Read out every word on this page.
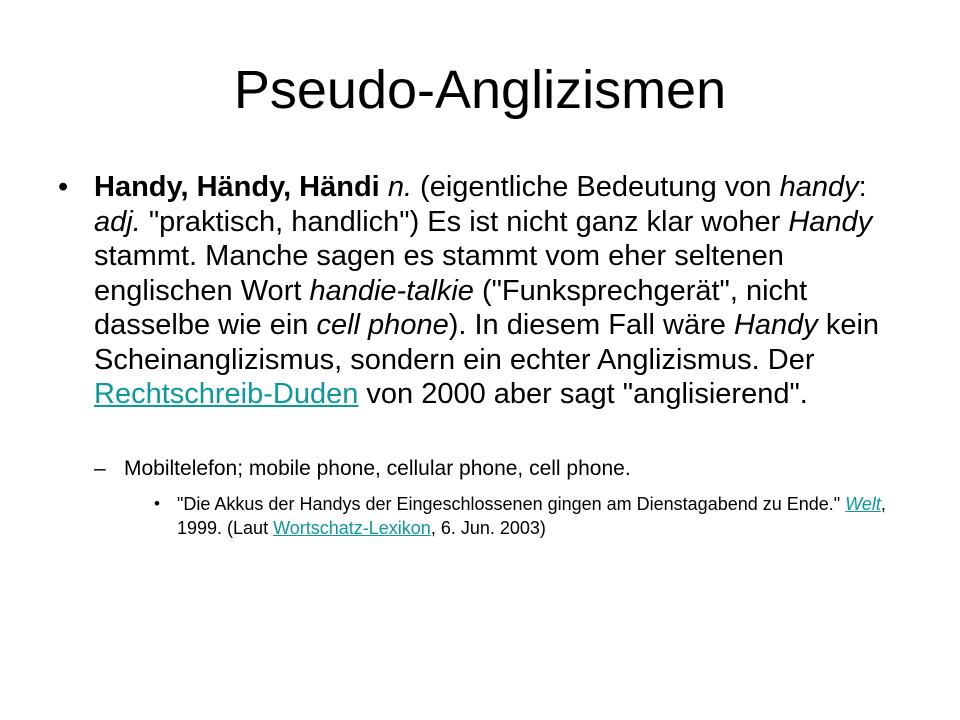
Pseudo-Anglizismen
• Handy, Händy, Händi n. (eigentliche Bedeutung von handy: adj. "praktisch, handlich") Es ist nicht ganz klar woher Handy stammt. Manche sagen es stammt vom eher seltenen englischen Wort handie-talkie ("Funksprechgerät", nicht dasselbe wie ein cell phone). In diesem Fall wäre Handy kein Scheinanglizismus, sondern ein echter Anglizismus. Der Rechtschreib-Duden von 2000 aber sagt "anglisierend".
– Mobiltelefon; mobile phone, cellular phone, cell phone.
• "Die Akkus der Handys der Eingeschlossenen gingen am Dienstagabend zu Ende." Welt, 1999. (Laut Wortschatz-Lexikon, 6. Jun. 2003)
